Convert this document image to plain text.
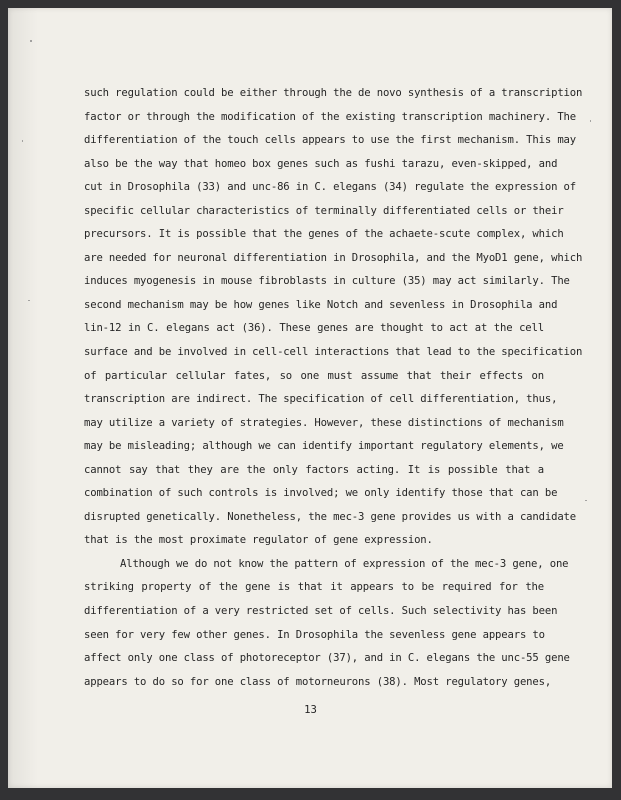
such regulation could be either through the de novo synthesis of a transcription
factor or through the modification of the existing transcription machinery. The
differentiation of the touch cells appears to use the first mechanism. This may
also be the way that homeo box genes such as fushi tarazu, even-skipped, and
cut in Drosophila (33) and unc-86 in C. elegans (34) regulate the expression of
specific cellular characteristics of terminally differentiated cells or their
precursors. It is possible that the genes of the achaete-scute complex, which
are needed for neuronal differentiation in Drosophila, and the MyoD1 gene, which
induces myogenesis in mouse fibroblasts in culture (35) may act similarly. The
second mechanism may be how genes like Notch and sevenless in Drosophila and
lin-12 in C. elegans act (36). These genes are thought to act at the cell
surface and be involved in cell-cell interactions that lead to the specification
of particular cellular fates, so one must assume that their effects on
transcription are indirect. The specification of cell differentiation, thus,
may utilize a variety of strategies. However, these distinctions of mechanism
may be misleading; although we can identify important regulatory elements, we
cannot say that they are the only factors acting. It is possible that a
combination of such controls is involved; we only identify those that can be
disrupted genetically. Nonetheless, the mec-3 gene provides us with a candidate
that is the most proximate regulator of gene expression.
Although we do not know the pattern of expression of the mec-3 gene, one
striking property of the gene is that it appears to be required for the
differentiation of a very restricted set of cells. Such selectivity has been
seen for very few other genes. In Drosophila the sevenless gene appears to
affect only one class of photoreceptor (37), and in C. elegans the unc-55 gene
appears to do so for one class of motorneurons (38). Most regulatory genes,
13
